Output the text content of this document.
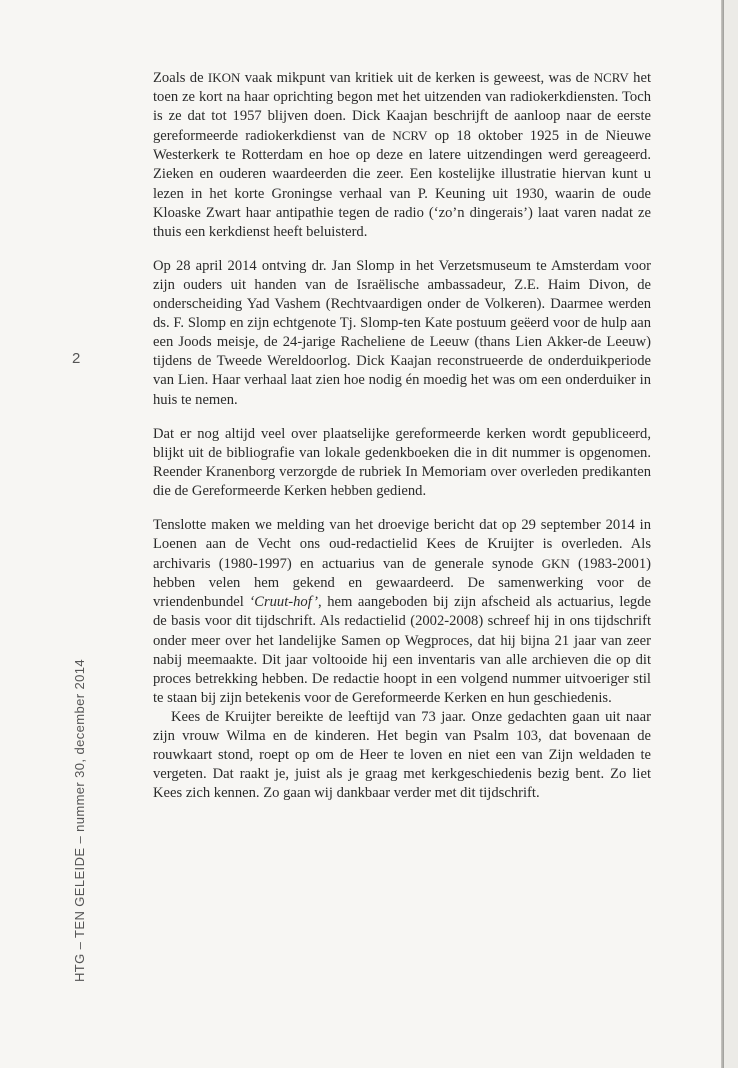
2
HTG – TEN GELEIDE – nummer 30, december 2014

Zoals de IKON vaak mikpunt van kritiek uit de kerken is geweest, was de NCRV het toen ze kort na haar oprichting begon met het uitzenden van radiokerkdiensten. Toch is ze dat tot 1957 blijven doen. Dick Kaajan beschrijft de aanloop naar de eerste gereformeerde radiokerkdienst van de NCRV op 18 oktober 1925 in de Nieuwe Westerkerk te Rotterdam en hoe op deze en latere uitzendingen werd gereageerd. Zieken en ouderen waardeerden die zeer. Een kostelijke illustratie hiervan kunt u lezen in het korte Groningse verhaal van P. Keuning uit 1930, waarin de oude Kloaske Zwart haar antipathie tegen de radio (‘zo’n dingerais’) laat varen nadat ze thuis een kerkdienst heeft beluisterd.

Op 28 april 2014 ontving dr. Jan Slomp in het Verzetsmuseum te Amsterdam voor zijn ouders uit handen van de Israëlische ambassadeur, Z.E. Haim Divon, de onderscheiding Yad Vashem (Rechtvaardigen onder de Volkeren). Daarmee werden ds. F. Slomp en zijn echtgenote Tj. Slomp-ten Kate postuum geëerd voor de hulp aan een Joods meisje, de 24-jarige Racheliene de Leeuw (thans Lien Akker-de Leeuw) tijdens de Tweede Wereldoorlog. Dick Kaajan reconstrueerde de onderduikperiode van Lien. Haar verhaal laat zien hoe nodig én moedig het was om een onderduiker in huis te nemen.

Dat er nog altijd veel over plaatselijke gereformeerde kerken wordt gepubliceerd, blijkt uit de bibliografie van lokale gedenkboeken die in dit nummer is opgenomen. Reender Kranenborg verzorgde de rubriek In Memoriam over overleden predikanten die de Gereformeerde Kerken hebben gediend.

Tenslotte maken we melding van het droevige bericht dat op 29 september 2014 in Loenen aan de Vecht ons oud-redactielid Kees de Kruijter is overleden. Als archivaris (1980-1997) en actuarius van de generale synode GKN (1983-2001) hebben velen hem gekend en gewaardeerd. De samenwerking voor de vriendenbundel ‘Cruut-hof’, hem aangeboden bij zijn afscheid als actuarius, legde de basis voor dit tijdschrift. Als redactielid (2002-2008) schreef hij in ons tijdschrift onder meer over het landelijke Samen op Wegproces, dat hij bijna 21 jaar van zeer nabij meemaakte. Dit jaar voltooide hij een inventaris van alle archieven die op dit proces betrekking hebben. De redactie hoopt in een volgend nummer uitvoeriger stil te staan bij zijn betekenis voor de Gereformeerde Kerken en hun geschiedenis.

Kees de Kruijter bereikte de leeftijd van 73 jaar. Onze gedachten gaan uit naar zijn vrouw Wilma en de kinderen. Het begin van Psalm 103, dat bovenaan de rouwkaart stond, roept op om de Heer te loven en niet een van Zijn weldaden te vergeten. Dat raakt je, juist als je graag met kerkgeschiedenis bezig bent. Zo liet Kees zich kennen. Zo gaan wij dankbaar verder met dit tijdschrift.
